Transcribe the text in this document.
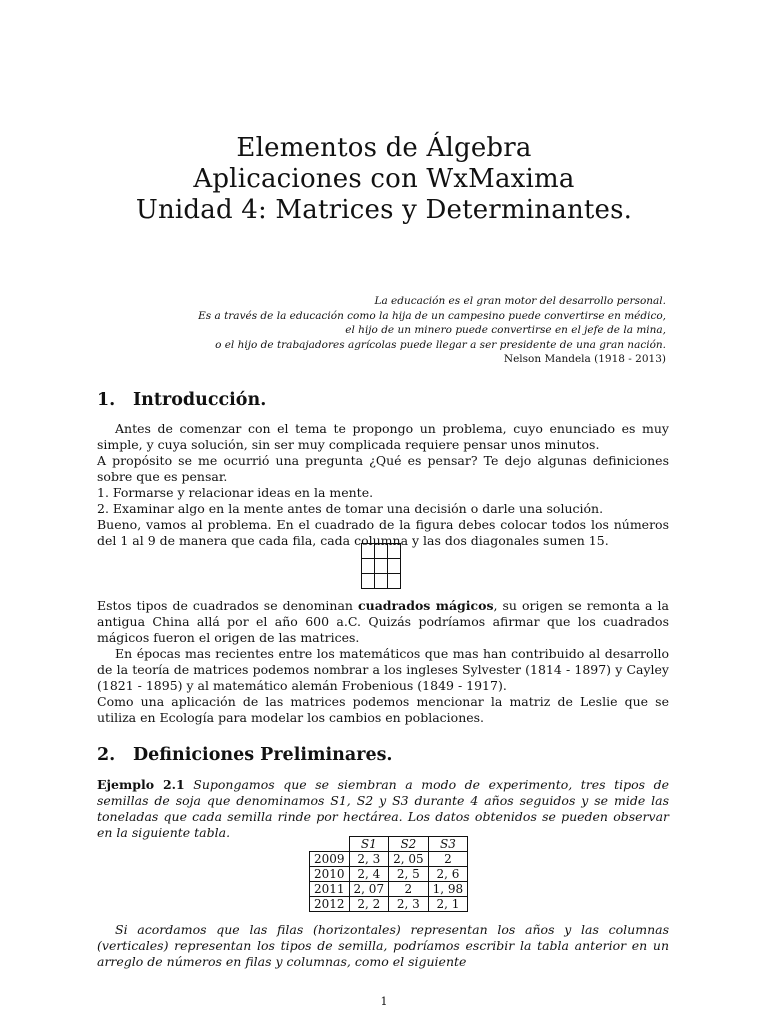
Elementos de Álgebra
Aplicaciones con WxMaxima
Unidad 4: Matrices y Determinantes.
La educación es el gran motor del desarrollo personal.
Es a través de la educación como la hija de un campesino puede convertirse en médico,
el hijo de un minero puede convertirse en el jefe de la mina,
o el hijo de trabajadores agrícolas puede llegar a ser presidente de una gran nación.
Nelson Mandela (1918 - 2013)
1. Introducción.
Antes de comenzar con el tema te propongo un problema, cuyo enunciado es muy simple, y cuya solución, sin ser muy complicada requiere pensar unos minutos.
A propósito se me ocurrió una pregunta ¿Qué es pensar? Te dejo algunas definiciones sobre que es pensar.
1. Formarse y relacionar ideas en la mente.
2. Examinar algo en la mente antes de tomar una decisión o darle una solución.
Bueno, vamos al problema. En el cuadrado de la figura debes colocar todos los números del 1 al 9 de manera que cada fila, cada columna y las dos diagonales sumen 15.

Estos tipos de cuadrados se denominan cuadrados mágicos, su origen se remonta a la antigua China allá por el año 600 a.C. Quizás podríamos afirmar que los cuadrados mágicos fueron el origen de las matrices.
En épocas mas recientes entre los matemáticos que mas han contribuido al desarrollo de la teoría de matrices podemos nombrar a los ingleses Sylvester (1814 - 1897) y Cayley (1821 - 1895) y al matemático alemán Frobenious (1849 - 1917).
Como una aplicación de las matrices podemos mencionar la matriz de Leslie que se utiliza en Ecología para modelar los cambios en poblaciones.
2. Definiciones Preliminares.
Ejemplo 2.1 Supongamos que se siembran a modo de experimento, tres tipos de semillas de soja que denominamos S1, S2 y S3 durante 4 años seguidos y se mide las toneladas que cada semilla rinde por hectárea. Los datos obtenidos se pueden observar en la siguiente tabla.
	S1	S2	S3
2009	2, 3	2, 05	2
2010	2, 4	2, 5	2, 6
2011	2, 07	2	1, 98
2012	2, 2	2, 3	2, 1
Si acordamos que las filas (horizontales) representan los años y las columnas (verticales) representan los tipos de semilla, podríamos escribir la tabla anterior en un arreglo de números en filas y columnas, como el siguiente
1
